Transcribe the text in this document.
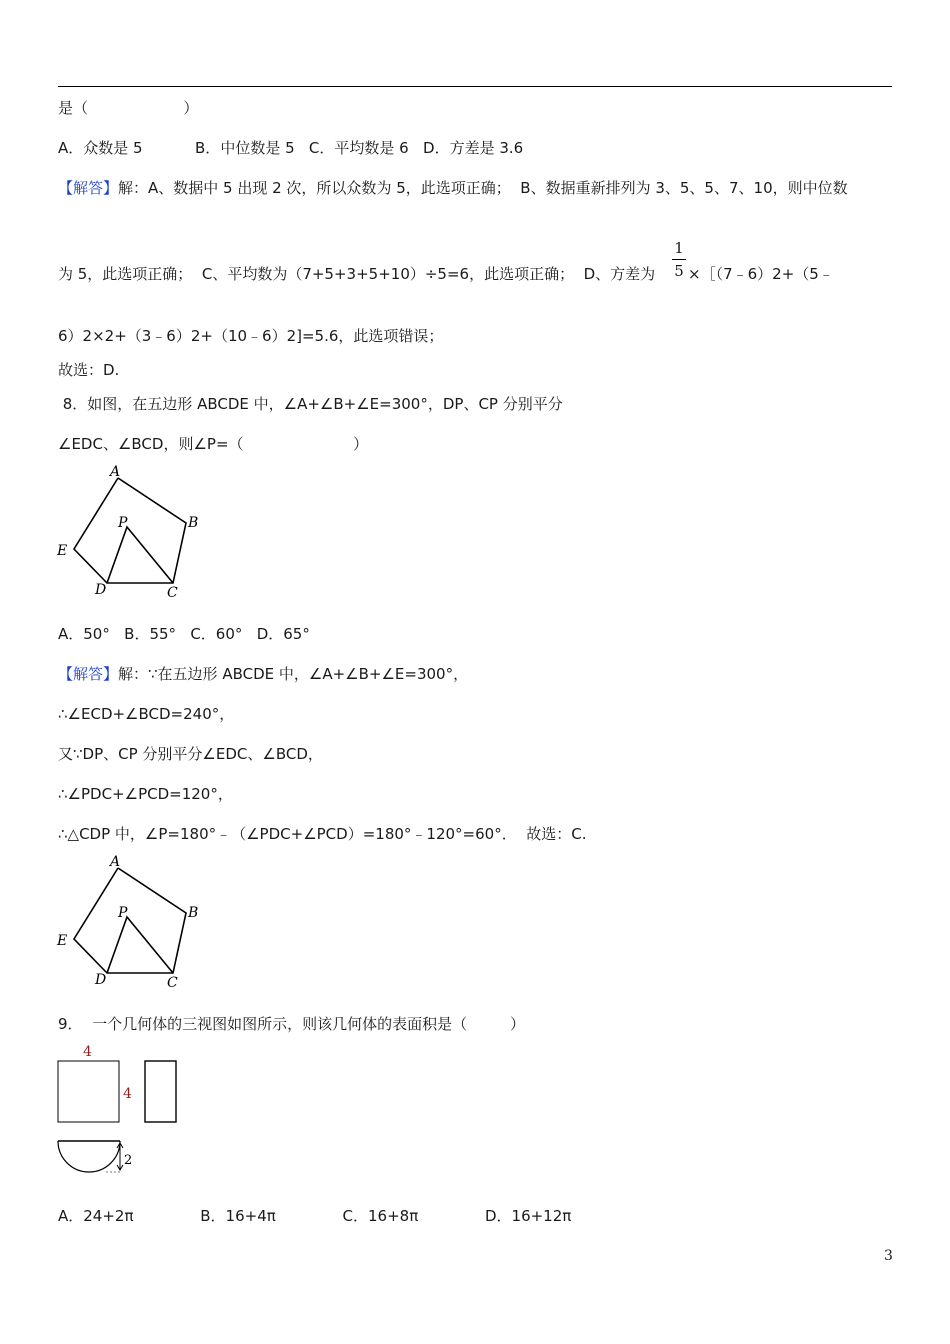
是（                    ）
A．众数是 5           B．中位数是 5   C．平均数是 6   D．方差是 3.6
【解答】解：A、数据中 5 出现 2 次，所以众数为 5，此选项正确；  B、数据重新排列为 3、5、5、7、10，则中位数
为 5，此选项正确；  C、平均数为（7+5+3+5+10）÷5=6，此选项正确；  D、方差为
1
5 ×［（7﹣6）2+（5﹣
6）2×2+（3﹣6）2+（10﹣6）2]=5.6，此选项错误；
故选：D.
8．如图，在五边形 ABCDE 中，∠A+∠B+∠E=300°，DP、CP 分别平分
∠EDC、∠BCD，则∠P=（                       ）
A
B
C
D
E
P
A．50°   B．55°   C．60°   D．65°
【解答】解：∵在五边形 ABCDE 中，∠A+∠B+∠E=300°，
∴∠ECD+∠BCD=240°，
又∵DP、CP 分别平分∠EDC、∠BCD，
∴∠PDC+∠PCD=120°，
∴△CDP 中，∠P=180°﹣（∠PDC+∠PCD）=180°﹣120°=60°．  故选：C.
A
B
C
D
E
P
9．  一个几何体的三视图如图所示，则该几何体的表面积是（         ）
4
4
2
A．24+2π              B．16+4π              C．16+8π              D．16+12π
3
